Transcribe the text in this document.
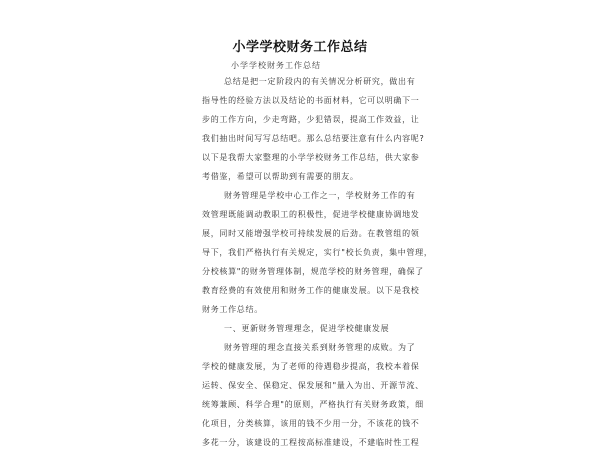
小学学校财务工作总结
小学学校财务工作总结
总结是把一定阶段内的有关情况分析研究，做出有
指导性的经验方法以及结论的书面材料，它可以明确下一
步的工作方向，少走弯路，少犯错误，提高工作效益，让
我们抽出时间写写总结吧。那么总结要注意有什么内容呢?
以下是我帮大家整理的小学学校财务工作总结，供大家参
考借鉴，希望可以帮助到有需要的朋友。
财务管理是学校中心工作之一，学校财务工作的有
效管理既能调动教职工的积极性，促进学校健康协调地发
展，同时又能增强学校可持续发展的后劲。在教管组的领
导下，我们严格执行有关规定，实行"校长负责，集中管理，
分校核算"的财务管理体制，规范学校的财务管理，确保了
教育经费的有效使用和财务工作的健康发展。以下是我校
财务工作总结。
一、更新财务管理理念，促进学校健康发展
财务管理的理念直接关系到财务管理的成败。为了
学校的健康发展，为了老师的待遇稳步提高，我校本着保
运转、保安全、保稳定、保发展和"量入为出、开源节流、
统筹兼顾、科学合理"的原则，严格执行有关财务政策，细
化项目，分类核算，该用的钱不少用一分，不该花的钱不
多花一分，该建设的工程按高标准建设，不建临时性工程
